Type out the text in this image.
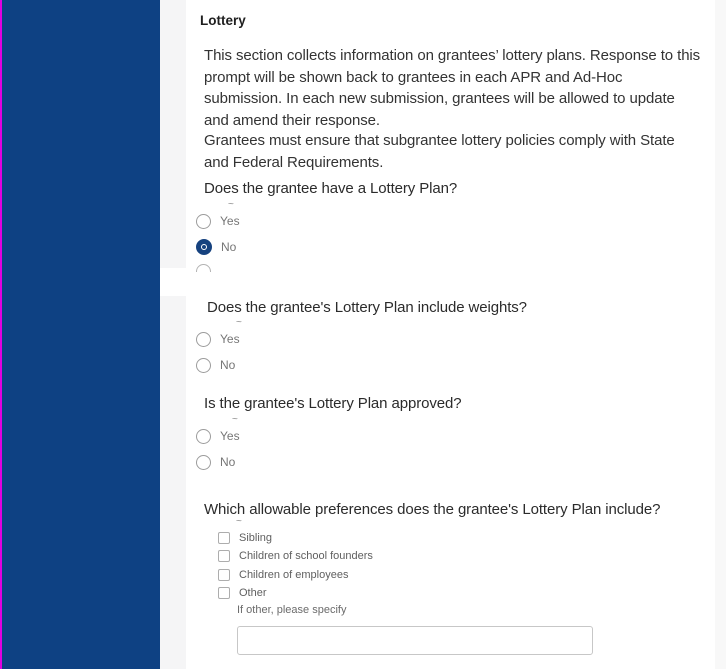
Lottery
This section collects information on grantees’ lottery plans. Response to this prompt will be shown back to grantees in each APR and Ad-Hoc submission. In each new submission, grantees will be allowed to update and amend their response.
Grantees must ensure that subgrantee lottery policies comply with State and Federal Requirements.
Does the grantee have a Lottery Plan?
~
Yes
No
Does the grantee's Lottery Plan include weights?
~
Yes
No
Is the grantee's Lottery Plan approved?
~
Yes
No
Which allowable preferences does the grantee's Lottery Plan include?
~
Sibling
Children of school founders
Children of employees
Other
If other, please specify
